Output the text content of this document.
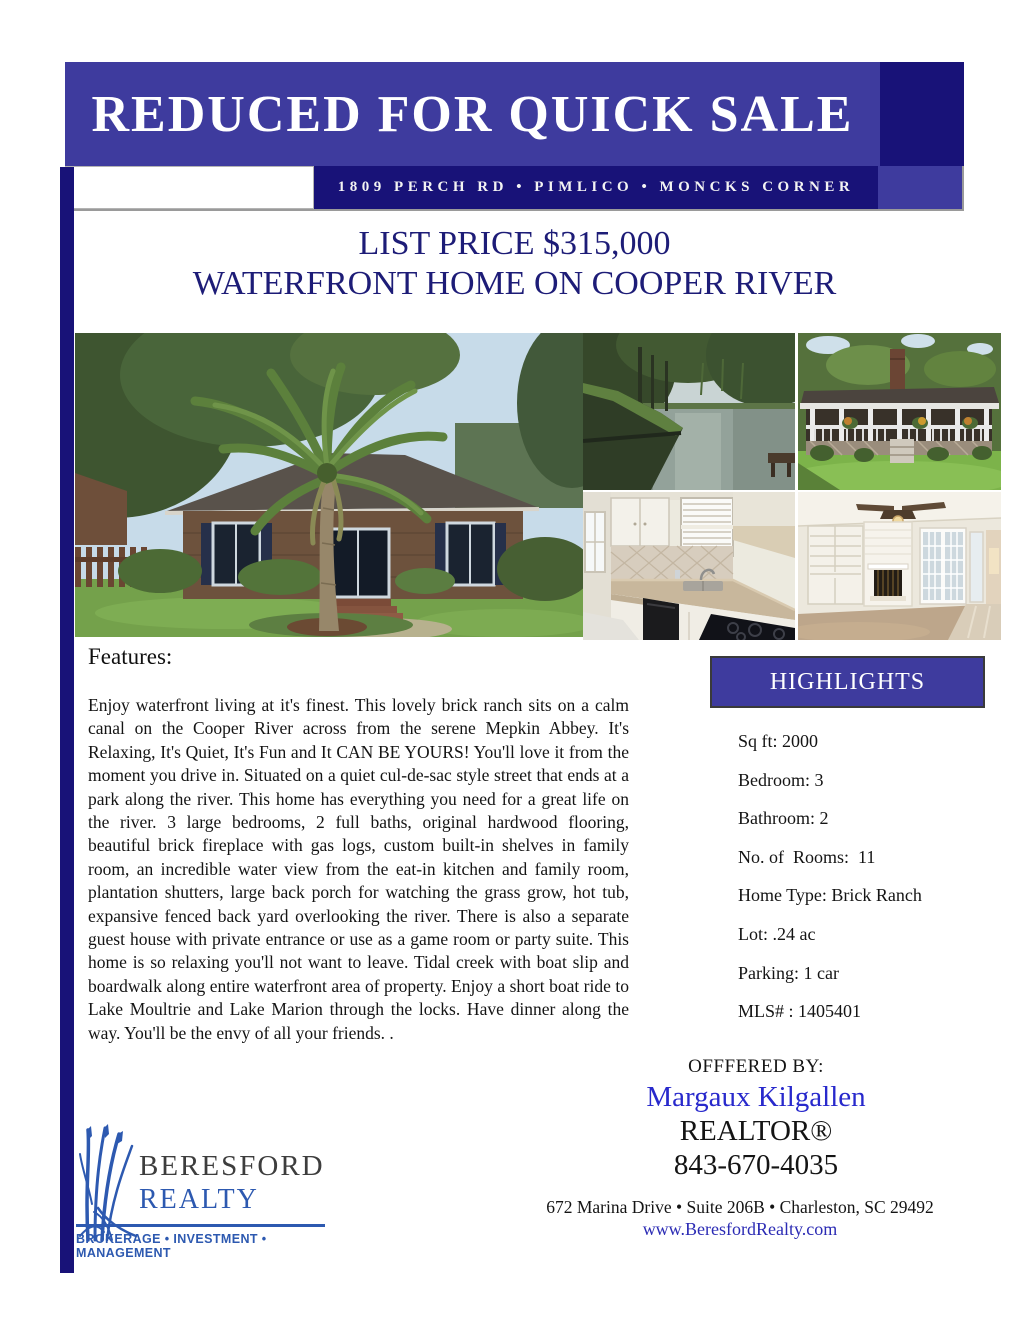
REDUCED FOR QUICK SALE
1809 PERCH RD • PIMLICO • MONCKS CORNER
LIST PRICE $315,000
WATERFRONT HOME ON COOPER RIVER
Features:
Enjoy waterfront living at it's finest. This lovely brick ranch sits on a calm canal on the Cooper River across from the serene Mepkin Abbey. It's Relaxing, It's Quiet, It's Fun and It CAN BE YOURS! You'll love it from the moment you drive in. Situated on a quiet cul-de-sac style street that ends at a park along the river. This home has everything you need for a great life on the river. 3 large bedrooms, 2 full baths, original hardwood flooring, beautiful brick fireplace with gas logs, custom built-in shelves in family room, an incredible water view from the eat-in kitchen and family room, plantation shutters, large back porch for watching the grass grow, hot tub, expansive fenced back yard overlooking the river. There is also a separate guest house with private entrance or use as a game room or party suite. This home is so relaxing you'll not want to leave. Tidal creek with boat slip and boardwalk along entire waterfront area of property. Enjoy a short boat ride to Lake Moultrie and Lake Marion through the locks. Have dinner along the way. You'll be the envy of all your friends. .
HIGHLIGHTS
Sq ft: 2000
Bedroom: 3
Bathroom: 2
No. of  Rooms:  11
Home Type: Brick Ranch
Lot: .24 ac
Parking: 1 car
MLS# : 1405401
OFFFERED BY:
Margaux Kilgallen
REALTOR®
843-670-4035
672 Marina Drive • Suite 206B • Charleston, SC 29492
www.BeresfordRealty.com
BERESFORD
REALTY
BROKERAGE • INVESTMENT • MANAGEMENT
